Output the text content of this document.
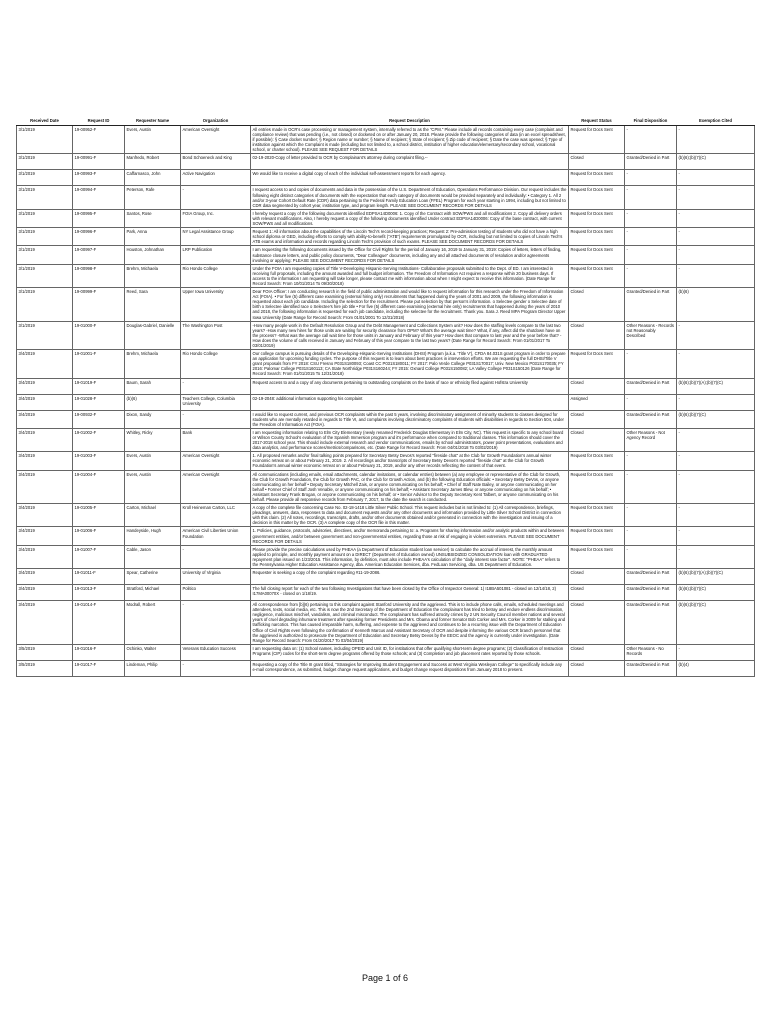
Received Date	Request ID	Requester Name	Organization	Request Description	Request Status	Final Disposition	Exemption Cited
3/1/2019	19-00952-F	Evers, Austin	American Oversight	All entries made in OCR's case processing or management system, internally referred to as the "CPM." Please include all records containing every case (complaint and compliance review) that was pending (i.e., not closed) or docketed on or after January 20, 2018. Please provide the following categories of data (in an excel spreadsheet, if possible): § Case docket number; § Region name or number; § Name of recipient; § State of recipient; § Zip code of recipient; § Date the case was opened; § Type of institution against which the Complaint is made (including but not limited to, a school district, institution of higher education/elementary/secondary school, vocational school, or charter school). PLEASE SEE REQUEST FOR DETAILS	Request for Docs Sent	-	-
3/1/2019	19-00991-F	Manfredo, Robert	Bond Schoeneck and King	02-19-2020-Copy of letter provided to OCR by Complainant's attorney during complaint filing.--	Closed	Granted/Denied in Part	(b)(6);(b)(7)(C)
3/1/2019	19-00993-F	Caffarnasco, John	Active Navigation	We would like to receive a digital copy of each of the individual self-assessment reports for each agency.	Request for Docs Sent	-	-
3/1/2019	19-00994-F	Peterson, Rafe	-	I request access to and copies of documents and data in the possession of the U.S. Department of Education, Operations Performance Division. Our request includes the following eight distinct categories of documents with the expectation that each category of documents would be provided separately and individually: • Category 1. All 2 and/or 3-year Cohort Default Rate (CDR) data pertaining to the Federal Family Education Loan (FFEL) Program for each year starting in 1994, including but not limited to CDR data segmented by cohort year, institution type, and program length. PLEASE SEE DOCUMENT RECORDS FOR DETAILS	Request for Docs Sent	-	-
3/1/2019	19-00995-F	Santos, Rose	FOIA Group, Inc.	I hereby request a copy of the following documents identified EDPSA14D0006: 1. Copy of the Contract with SOW/PWS and all modifications 2. Copy all delivery orders with relevant modifications. Also, I hereby request a copy of the following documents identified Under contract EDPSA14D0006: Copy of the base contract, with current SOW/PWS and all modifications.	Request for Docs Sent	-	-
3/1/2019	19-00996-F	Park, Anna	NY Legal Assistance Group	Request 1: All information about the capabilities of the Lincoln Tech's record-keeping practices; Request 2: Pre-admission testing of students who did not have a high school diploma or GED, including efforts to comply with ability-to-benefit ("ATB") requirements promulgated by OCR, including but not limited to copies of Lincoln Tech's ATB exams and information and records regarding Lincoln Tech's provision of such exams. PLEASE SEE DOCUMENT RECORDS FOR DETAILS	Request for Docs Sent	-	-
3/1/2019	19-00997-F	Houston, Johnathan	LRP Publication	I am requesting the following documents issued by the Office for Civil Rights for the period of January 16, 2019 to January 31, 2019: Copies of letters, letters of finding, substance closure letters, and public policy documents, "Dear Colleague" documents, including any and all attached documents of resolution and/or agreements involving or applying: PLEASE SEE DOCUMENT RECORDS FOR DETAILS	Request for Docs Sent	-	-
3/1/2019	19-00998-F	Brehm, Michaela	Rio Hondo College	Under the FOIA I am requesting copies of Title V-Developing Hispanic-Serving Institutions- Collaborative proposals submitted to the Dept. of ED. I am interested in receiving full proposals, including the amount awarded and full budget information. The Freedom of Information Act requires a response within 20 business days. If access to the information I am requesting will take longer, please contact me with information about when I might expect to receive this information. (Date Range for Record Search: From 10/01/2014 To 09/30/2018)	Request for Docs Sent	-	-
3/1/2019	19-00999-F	Reed, Sara	Upper Iowa University	Dear FOIA Officer: I am conducting research in the field of public administration and would like to request information for this research under the Freedom of Information Act (FOIA). • For five (5) different case examining (external hiring only) recruitments that happened during the years of 2001 and 2009, the following information is requested about each job candidate. Including the selection for the recruitment. Please put selection by that person's information. o Selectee gender o Selectee date of birth o Selectee identified race o Selectee's hire job title • For five (5) different case examining (external hire only) recruitments that happened during the years of 2010 and 2018, the following information is requested for each job candidate, including the selectee for the recruitment. Thank you. Sara J. Reed MPA Program Director Upper Iowa University (Date Range for Record Search: From 01/01/2001 To 12/31/2018)	Closed	Granted/Denied in Part	(b)(6)
3/1/2019	19-01000-F	Douglas-Gabriel, Danielle	The Washington Post	-How many people work in the Default Resolution Group and the Debt Management and Collections System unit? How does the staffing levels compare to the last two years? -How many new hires for those units are waiting for security clearance from OPM? What's the average wait time? What, if any, affect did the shutdown have on the process? -What was the average call wait time for those units in January and February of this year? How does that compare to last year and the year before that? -How does the volume of calls received in January and February of this year compare to the last two years? (Date Range for Record Search: From 01/01/2017 To 03/01/2019)	Closed	Other Reasons - Records not Reasonably Described	-
3/4/2019	19-01001-F	Brehm, Michaela	Rio Hondo College	Our college campus is pursuing details of the Developing-Hispanic-Serving Institutions (DHSI) Program (a.k.a. 'Title V'), CFDA 84.031S grant program in order to prepare an application for upcoming funding cycles. The purpose of this request is to learn about best practices in intervention efforts. We are requesting the full DHSI/Title V grant proposals from FY 2018: CSU Fresno P031S180093; Coast CC P031S180011; FY 2017: Palo Verde College P031S170017; Univ. New Mexico P031S170035; FY 2016: Palomar College P031S160113; CA State Northridge P031S160244; FY 2015: Oxnard College P031S150082; LA Valley College P031S150126 (Date Range for Record Search: From 01/01/2015 To 12/31/2018)	Request for Docs Sent	-	-
3/4/2019	19-01019-F	Baum, Sarah	-	Request access to and a copy of any documents pertaining to outstanding complaints on the basis of race or ethnicity filed against Hofstra University	Closed	Granted/Denied in Part	(b)(6);(b)(7)(A);(b)(7)(C)
3/4/2019	19-01028-F	(b)(6)	Teachers College, Columbia University	02-19-2048: additional information supporting his complaint	Assigned	-	-
3/4/2019	19-00932-F	Dixon, Sandy	-	I would like to request current, and previous OCR complaints within the past 5 years, involving discriminatory assignment of minority students to classes designed for students who are mentally retarded in regards to Title VI, and complaints involving discriminatory complaints of students with disabilities in regards to Section 504, under the Freedom of Information Act (FOIA).	Closed	Granted/Denied in Part	(b)(6);(b)(7)(C)
3/4/2019	19-01002-F	Whitley, Ricky	Bank	I am requesting information relating to Elm City Elementary (newly renamed Frederick Douglas Elementary in Elm City, NC). This request is specific to any school board or Wilson County School's evaluation of the Spanish Immersion program and it's performance when compared to traditional classes. This information should cover the 2017-2018 school year. This should include external research and vendor communications, emails by school administrators, power point presentations, evaluations and data analytics, and performance scores/metrics/comparisons, etc. (Date Range for Record Search: From 04/01/2018 To 03/02/2019)	Closed	Other Reasons - Not Agency Record	-
3/4/2019	19-01003-F	Evers, Austin	American Oversight	1. All proposed remarks and/or final talking points prepared for Secretary Betsy Devos's reported "fireside chat" at the Club for Growth Foundation's annual winter economic retreat on or about February 21, 2019. 2. All recordings and/or transcripts of Secretary Betsy Devos's reported "fireside chat" at the Club for Growth Foundation's annual winter economic retreat on or about February 21, 2019, and/or any other records reflecting the content of that event.	Request for Docs Sent	-	-
3/4/2019	19-01004-F	Evers, Austin	American Oversight	All communications (including emails, email attachments, calendar invitations, or calendar entries) between (a) any employee or representative of the Club for Growth, the Club for Growth Foundation, the Club for Growth PAC, or the Club for Growth Action, and (b) the following Education officials: • Secretary Betsy DeVos, or anyone communicating on her behalf • Deputy Secretary Mitchell Zais, or anyone communicating on his behalf; • Chief of Staff Nate Bailey, or anyone communicating on her behalf • Former Chief of Staff Josh Venable, or anyone communicating on his behalf; • Assistant Secretary James Blew, or anyone communicating on his behalf; • Assistant Secretary Frank Brogan, or anyone communicating on his behalf; or • Senior Advisor to the Deputy Secretary Kent Talbert, or anyone communicating on his behalf. Please provide all responsive records from February 7, 2017, to the date the search is conducted.	Request for Docs Sent	-	-
3/4/2019	19-01005-F	Carton, Michael	Kroll Heineman Carton, LLC	A copy of the complete file concerning Case No. 02-18-1418 Little Silver Public School. This request includes but is not limited to: (1) All correspondence, briefings, pleadings, answers, data, responses to data and document requests and/or any other documents and information provided by Little Silver School District in connection with this claim. (2) All notes, recordings, transcripts, drafts, and/or other documents obtained and/or generated in connection with the investigation and issuing of a decision in this matter by the OCR. (3) A complete copy of the OCR file in this matter.	Request for Docs Sent	-	-
3/4/2019	19-01006-F	Handeyside, Hugh	American Civil Liberties Union Foundation	1. Policies, guidance, protocols, advisories, directives, and/or memoranda pertaining to: a. Programs for sharing information and/or analytic products within and between government entities, and/or between government and non-governmental entities, regarding those at risk of engaging in violent extremism. PLEASE SEE DOCUMENT RECORDS FOR DETAILS	Request for Docs Sent	-	-
3/4/2019	19-01007-F	Cable, Jason	-	Please provide the precise calculations used by PHEAA (a Department of Education student loan servicer) to calculate the accrual of interest, the monthly amount applied to principle, and monthly payment amount on a DIRECT (Department of Education owned) UNSUBSIDIZED CONSOLIDATION loan with GRADUATED repayment plan issued on 1/23/2015. This information, by definition, must also include PHEAA's calculation of the "daily interest rate factor". NOTE: "PHEAA" refers to the Pennsylvania Higher Education Assistance Agency, dba. American Education Services, dba. FedLoan Servicing, dba. US Department of Education.	Request for Docs Sent	-	-
3/4/2019	19-01011-F	Spear, Catherine	University of Virginia	Requester is seeking a copy of the complaint regarding #11-19-2086.	Closed	Granted/Denied in Part	(b)(6);(b)(7)(A);(b)(7)(C)
3/4/2019	19-01013-F	Stratford, Michael	Politico	The full closing report for each of the two following Investigations that have been closed by the Office of Inspector General: 1) I18BA501081 - closed on 12/14/18, 2) I17MA00070X - closed on 1/18/19.	Closed	Granted/Denied in Part	(b)(6);(b)(7)(C)
3/4/2019	19-01014-F	Modrall, Robert	-	All correspondence from [b](6) pertaining to this complaint against Stanford University and the aggrieved. This is to include phone calls, emails, scheduled meetings and attendees, texts, social media, etc. This is now the 2nd Secretary of the Department of Education the complainant has tried to betray and endure endless discrimination, negligence, malicious mischief, vandalism, and criminal misconduct. The complainant has suffered atrocity crimes by 2 UN Security Council member nations and several years of cruel degrading inhumane treatment after speaking former Presidents and Mrs. Obama and former Senator Bob Corker and Mrs. Corker in 2009 for stalking and trafficking narcotics. This has caused irreparable harm, suffering, and expense to the aggrieved and continues to be a recurring issue with the Department of Education Office of Civil Rights even following the confirmation of Kenneth Marcus and Assistant Secretary of OCR and despite informing the various OCR branch personnel that the aggrieved is authorized to prosecute the Department of Education and Secretary Betsy Devos by the EEOC and the agency is currently under investigation. (Date Range for Record Search: From 01/20/2017 To 03/04/2019)	Closed	Granted/Denied in Part	(b)(6);(b)(7)(C)
3/5/2019	19-01016-F	Ochinko, Walter	Veterans Education Success	I am requesting data on: (1) School names, including OPEID and Unit ID, for institutions that offer qualifying short-term degree programs; (2) Classification of Instruction Programs (CIP) codes for the short-term degree programs offered by those schools; and (3) Completion and job placement rates reported by those schools.	Closed	Other Reasons - No Records	-
3/5/2019	19-01017-F	Lindeman, Philip	-	Requesting a copy of the Title III grant titled, "Strategies for Improving Student Engagement and Success at West Virginia Wesleyan College" to specifically include any e-mail correspondence, as submitted, budget change request applications, and budget change request dispositions from January 2018 to present.	Closed	Granted/Denied in Part	(b)(4)
Page 1 of 6
